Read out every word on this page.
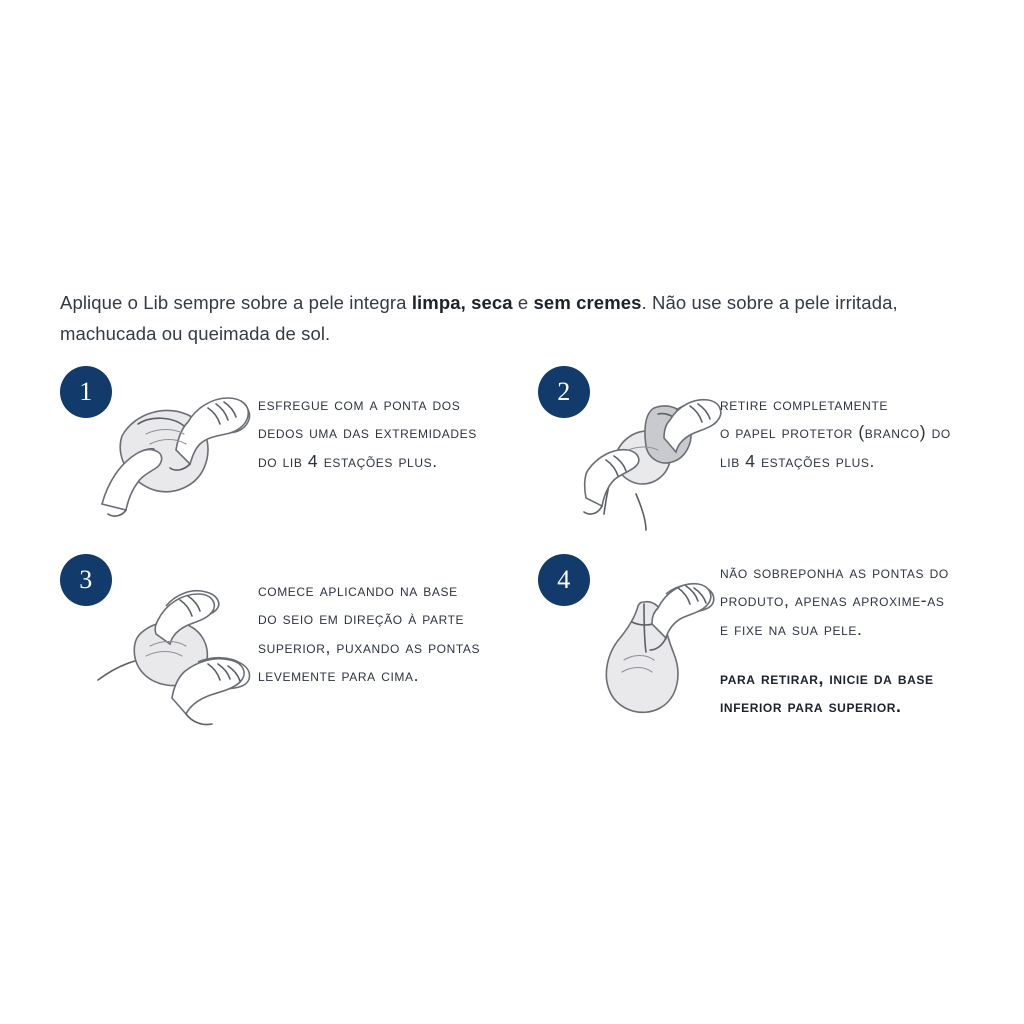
Aplique o Lib sempre sobre a pele integra limpa, seca e sem cremes. Não use sobre a pele irritada, machucada ou queimada de sol.

1	2
3	4
esfregue com a ponta dos
dedos uma das extremidades
do lib 4 estações plus.
retire completamente
o papel protetor (branco) do
lib 4 estações plus.
comece aplicando na base
do seio em direção à parte
superior, puxando as pontas
levemente para cima.
não sobreponha as pontas do
produto, apenas aproxime-as
e fixe na sua pele.
para retirar, inicie da base
inferior para superior.
